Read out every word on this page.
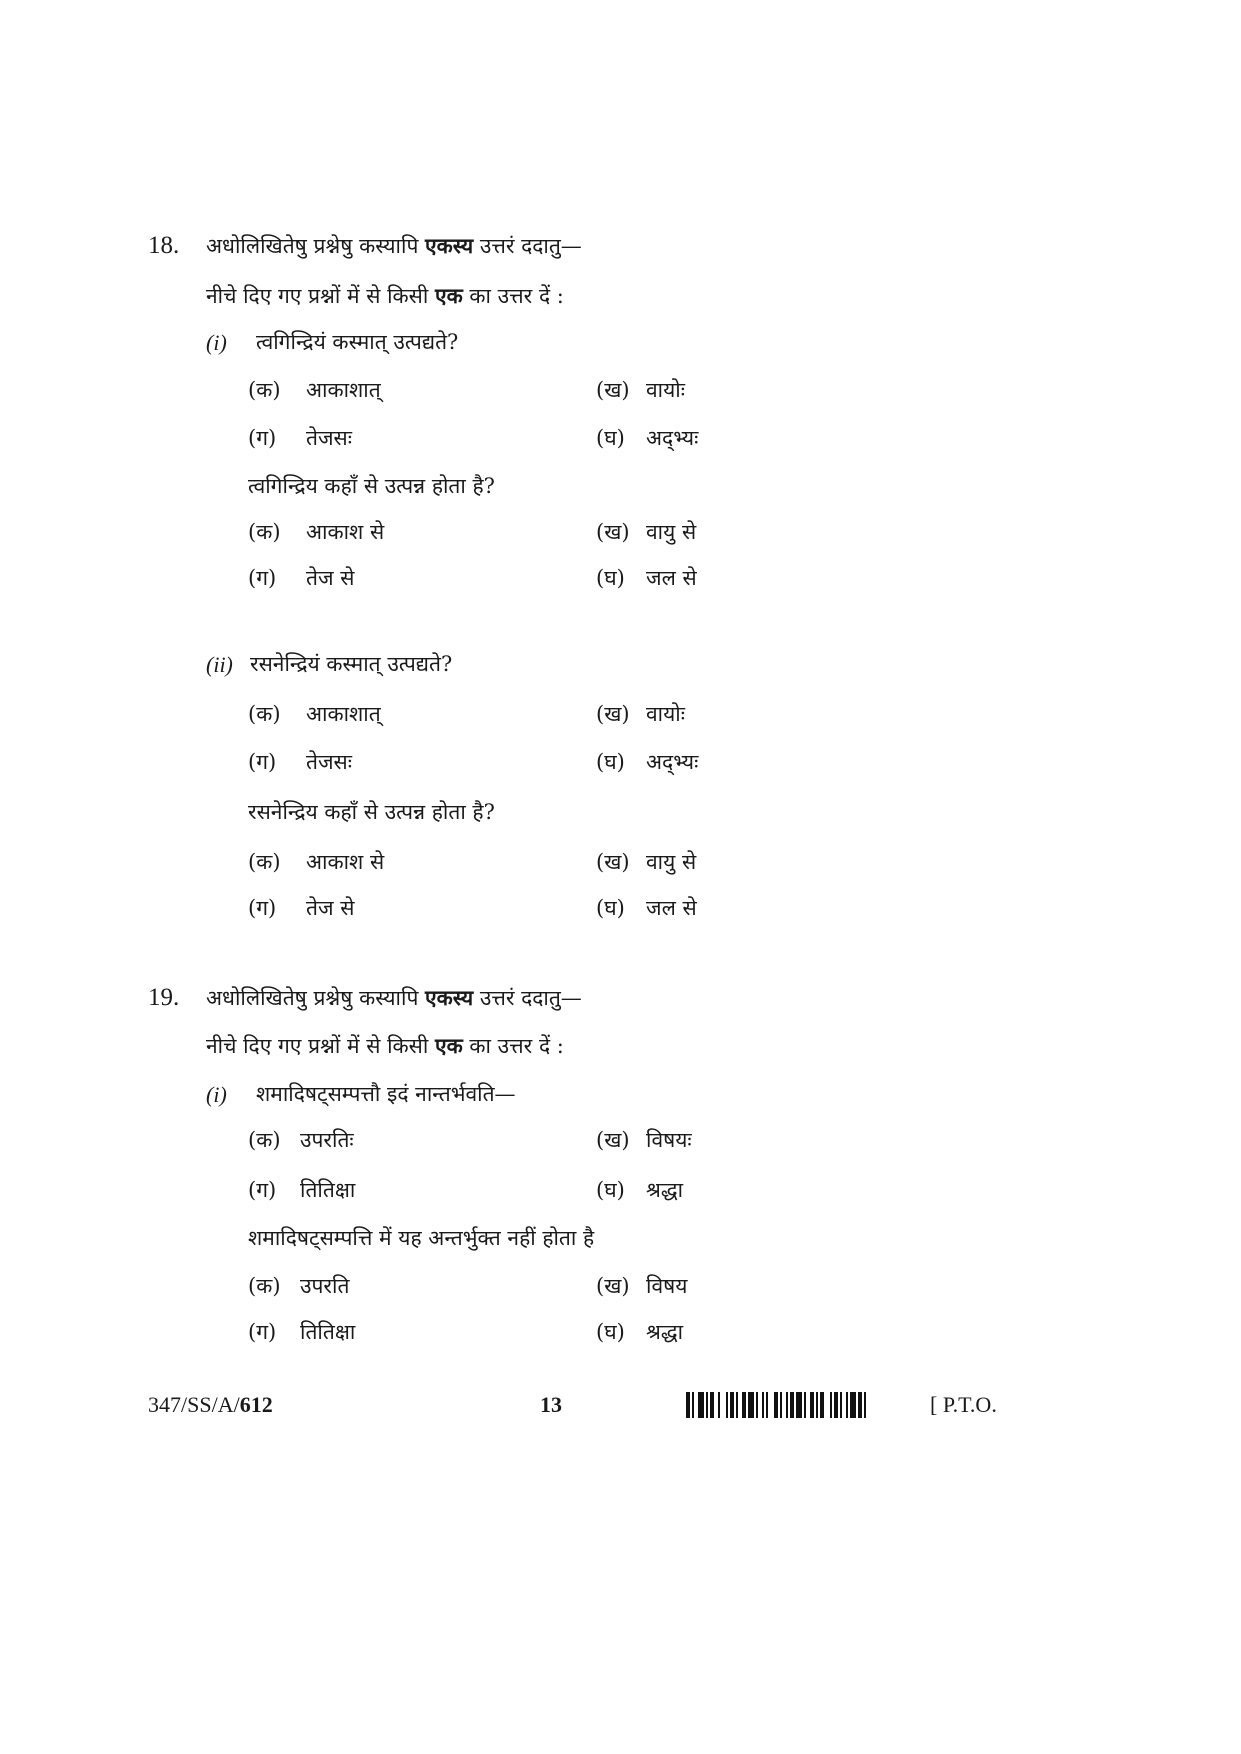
18. अधोलिखितेषु प्रश्नेषु कस्यापि एकस्य उत्तरं ददातु—
नीचे दिए गए प्रश्नों में से किसी एक का उत्तर दें :
(i) त्वगिन्द्रियं कस्मात् उत्पद्यते?
(क) आकाशात्	(ख) वायोः
(ग) तेजसः	(घ) अद्भ्यः
त्वगिन्द्रिय कहाँ से उत्पन्न होता है?
(क) आकाश से	(ख) वायु से
(ग) तेज से	(घ) जल से
(ii) रसनेन्द्रियं कस्मात् उत्पद्यते?
(क) आकाशात्	(ख) वायोः
(ग) तेजसः	(घ) अद्भ्यः
रसनेन्द्रिय कहाँ से उत्पन्न होता है?
(क) आकाश से	(ख) वायु से
(ग) तेज से	(घ) जल से
19. अधोलिखितेषु प्रश्नेषु कस्यापि एकस्य उत्तरं ददातु—
नीचे दिए गए प्रश्नों में से किसी एक का उत्तर दें :
(i) शमादिषट्सम्पत्तौ इदं नान्तर्भवति—
(क) उपरतिः	(ख) विषयः
(ग) तितिक्षा	(घ) श्रद्धा
शमादिषट्सम्पत्ति में यह अन्तर्भुक्त नहीं होता है
(क) उपरति	(ख) विषय
(ग) तितिक्षा	(घ) श्रद्धा
347/SS/A/612	13	[ P.T.O.
